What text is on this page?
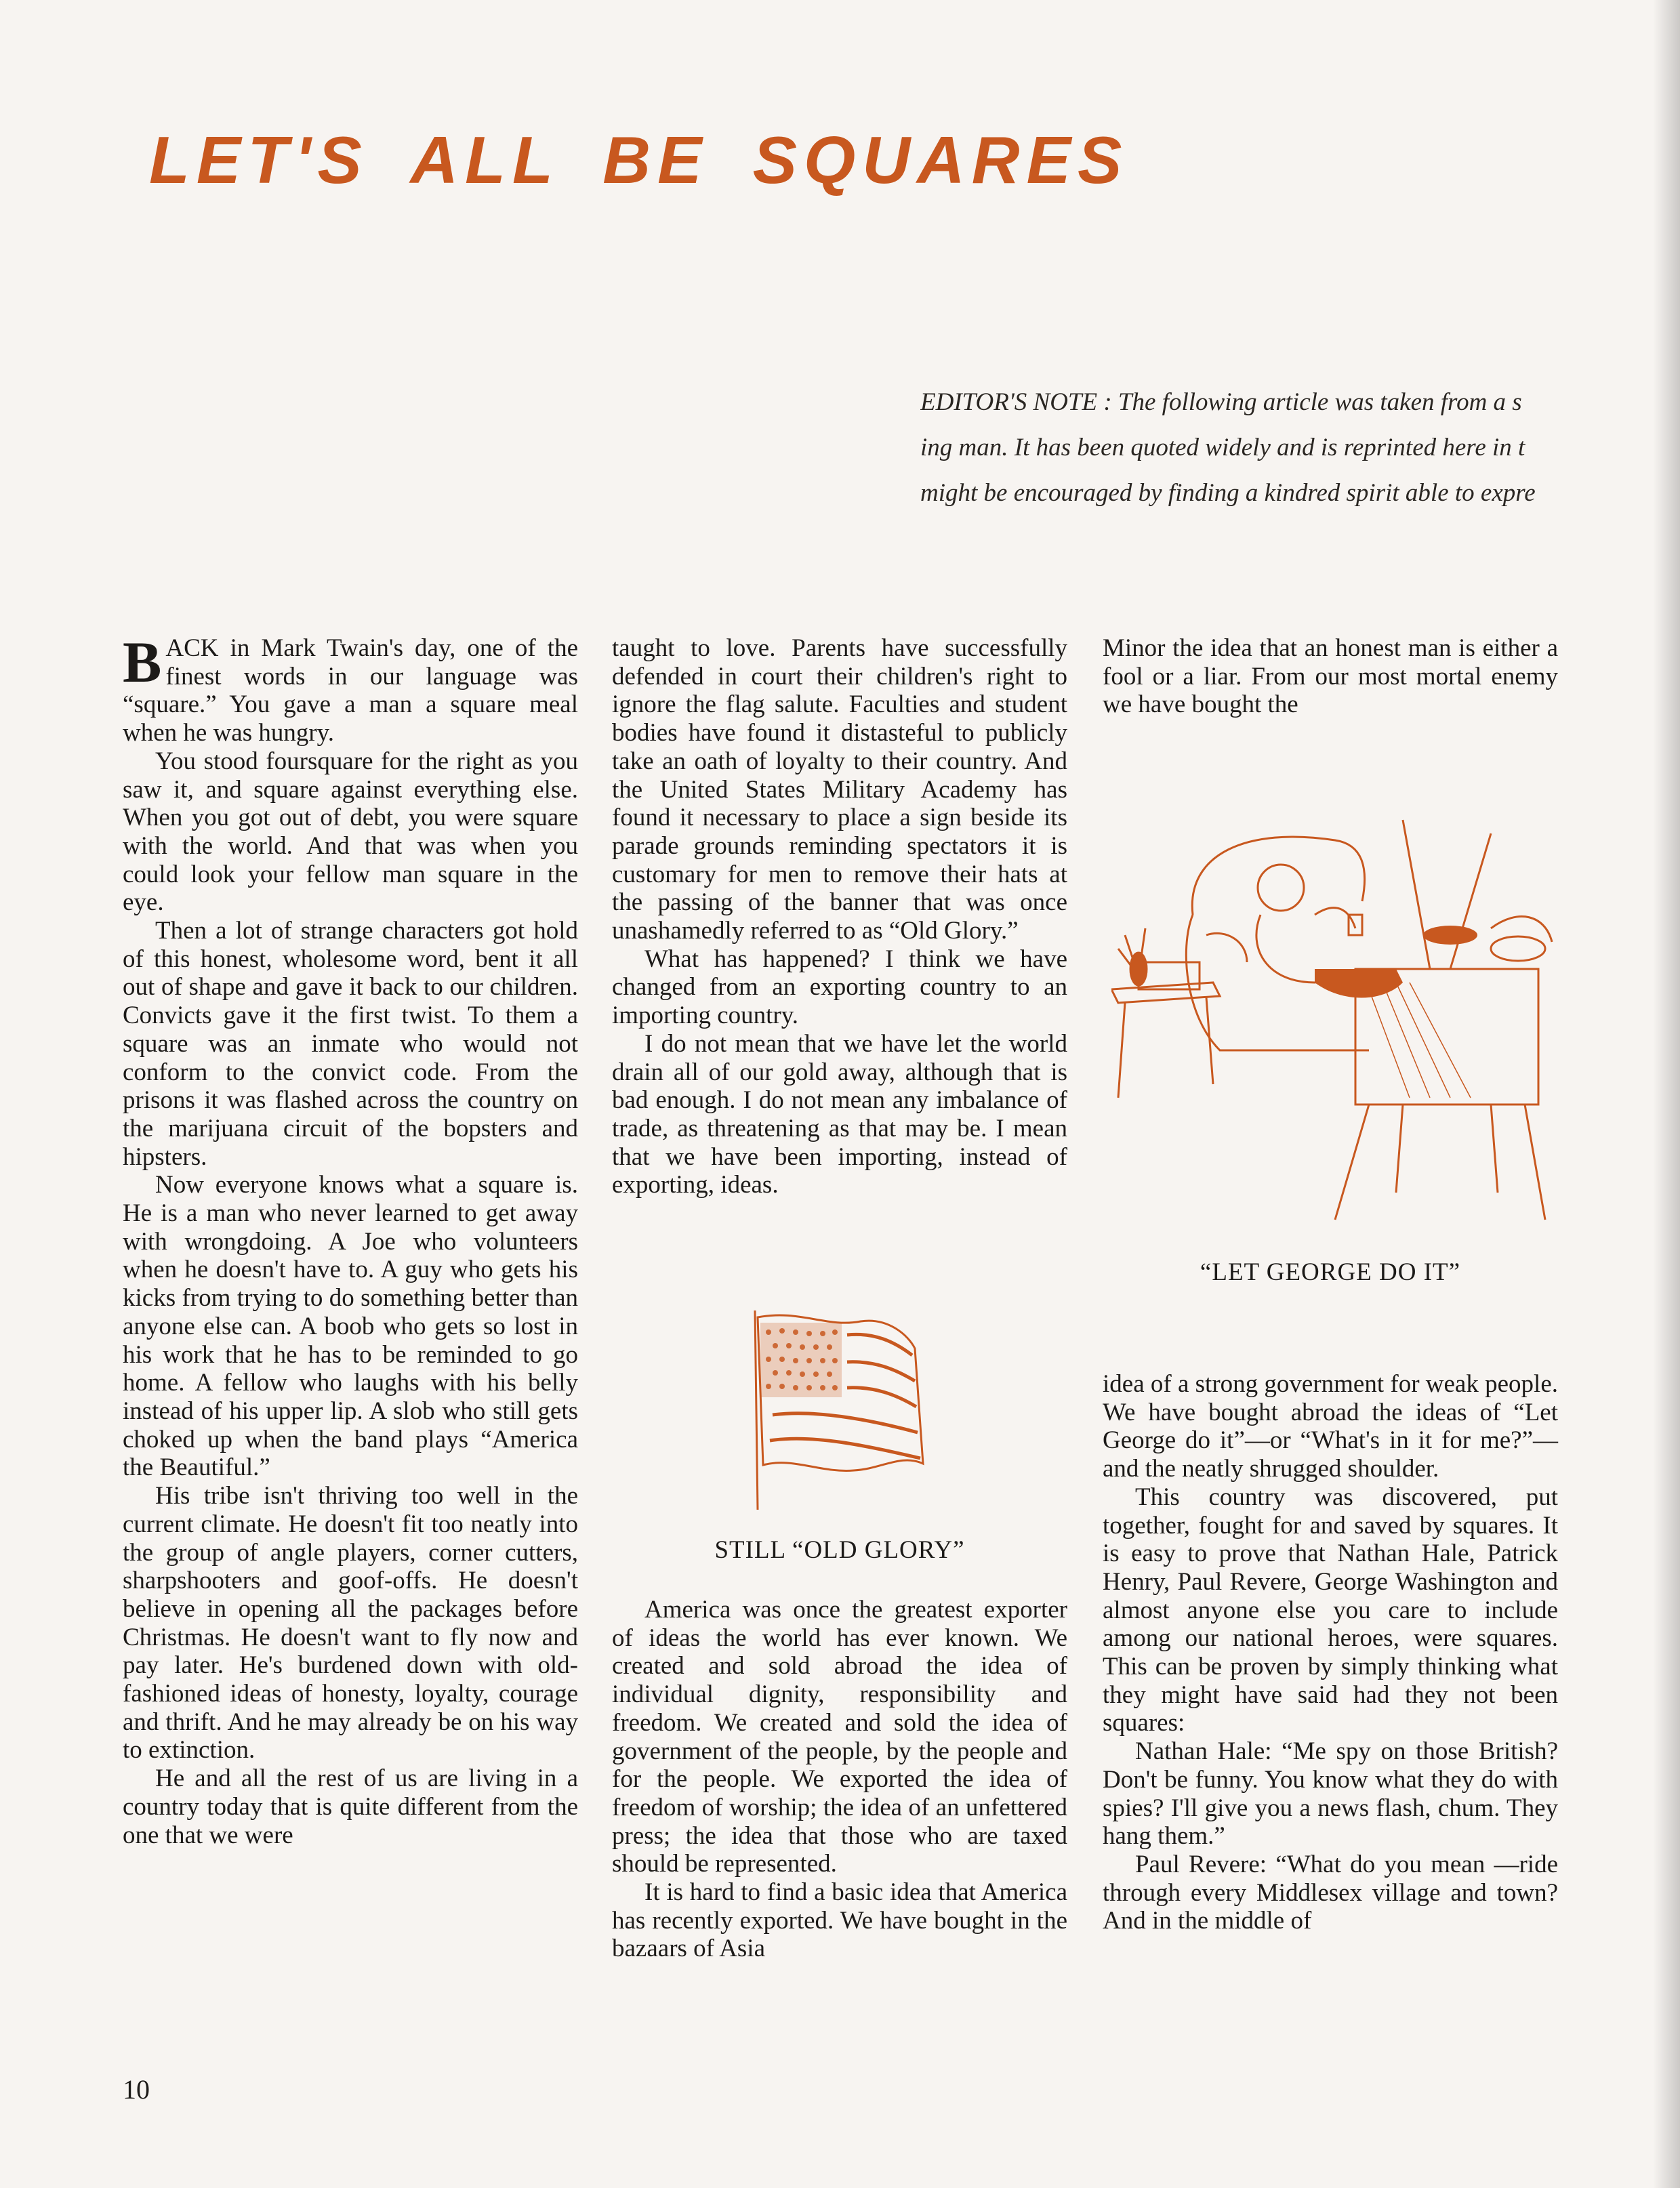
LET'S ALL BE SQUARES
EDITOR'S NOTE : The following article was taken from a s
ing man. It has been quoted widely and is reprinted here in t
might be encouraged by finding a kindred spirit able to expre

BACK in Mark Twain's day, one of the finest words in our language was “square.” You gave a man a square meal when he was hungry.

You stood foursquare for the right as you saw it, and square against everything else. When you got out of debt, you were square with the world. And that was when you could look your fellow man square in the eye.

Then a lot of strange characters got hold of this honest, wholesome word, bent it all out of shape and gave it back to our children. Convicts gave it the first twist. To them a square was an inmate who would not conform to the convict code. From the prisons it was flashed across the country on the marijuana circuit of the bopsters and hipsters.

Now everyone knows what a square is. He is a man who never learned to get away with wrongdoing. A Joe who volunteers when he doesn't have to. A guy who gets his kicks from trying to do something better than anyone else can. A boob who gets so lost in his work that he has to be reminded to go home. A fellow who laughs with his belly instead of his upper lip. A slob who still gets choked up when the band plays “America the Beautiful.”

His tribe isn't thriving too well in the current climate. He doesn't fit too neatly into the group of angle players, corner cutters, sharpshooters and goof-offs. He doesn't believe in opening all the packages before Christmas. He doesn't want to fly now and pay later. He's burdened down with old-fashioned ideas of honesty, loyalty, courage and thrift. And he may already be on his way to extinction.

He and all the rest of us are living in a country today that is quite different from the one that we were

taught to love. Parents have successfully defended in court their children's right to ignore the flag salute. Faculties and student bodies have found it distasteful to publicly take an oath of loyalty to their country. And the United States Military Academy has found it necessary to place a sign beside its parade grounds reminding spectators it is customary for men to remove their hats at the passing of the banner that was once unashamedly referred to as “Old Glory.”

What has happened? I think we have changed from an exporting country to an importing country.

I do not mean that we have let the world drain all of our gold away, although that is bad enough. I do not mean any imbalance of trade, as threatening as that may be. I mean that we have been importing, instead of exporting, ideas.

STILL “OLD GLORY”

America was once the greatest exporter of ideas the world has ever known. We created and sold abroad the idea of individual dignity, responsibility and freedom. We created and sold the idea of government of the people, by the people and for the people. We exported the idea of freedom of worship; the idea of an unfettered press; the idea that those who are taxed should be represented.

It is hard to find a basic idea that America has recently exported. We have bought in the bazaars of Asia

Minor the idea that an honest man is either a fool or a liar. From our most mortal enemy we have bought the

“LET GEORGE DO IT”

idea of a strong government for weak people. We have bought abroad the ideas of “Let George do it”—or “What's in it for me?”—and the neatly shrugged shoulder.

This country was discovered, put together, fought for and saved by squares. It is easy to prove that Nathan Hale, Patrick Henry, Paul Revere, George Washington and almost anyone else you care to include among our national heroes, were squares. This can be proven by simply thinking what they might have said had they not been squares:

Nathan Hale: “Me spy on those British? Don't be funny. You know what they do with spies? I'll give you a news flash, chum. They hang them.”

Paul Revere: “What do you mean —ride through every Middlesex village and town? And in the middle of

10
